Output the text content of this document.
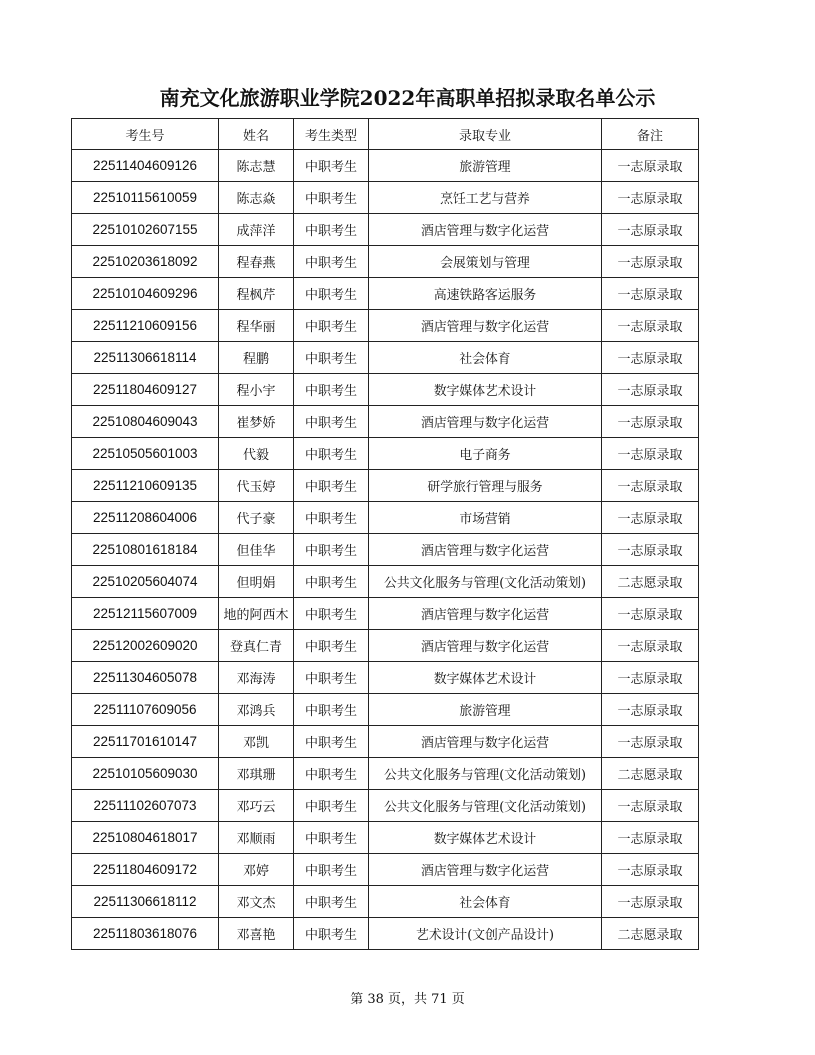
南充文化旅游职业学院2022年高职单招拟录取名单公示
考生号	姓名	考生类型	录取专业	备注
22511404609126	陈志慧	中职考生	旅游管理	一志原录取
22510115610059	陈志焱	中职考生	烹饪工艺与营养	一志原录取
22510102607155	成萍洋	中职考生	酒店管理与数字化运营	一志原录取
22510203618092	程春燕	中职考生	会展策划与管理	一志原录取
22510104609296	程枫芹	中职考生	高速铁路客运服务	一志原录取
22511210609156	程华丽	中职考生	酒店管理与数字化运营	一志原录取
22511306618114	程鹏	中职考生	社会体育	一志原录取
22511804609127	程小宇	中职考生	数字媒体艺术设计	一志原录取
22510804609043	崔梦娇	中职考生	酒店管理与数字化运营	一志原录取
22510505601003	代毅	中职考生	电子商务	一志原录取
22511210609135	代玉婷	中职考生	研学旅行管理与服务	一志原录取
22511208604006	代子豪	中职考生	市场营销	一志原录取
22510801618184	但佳华	中职考生	酒店管理与数字化运营	一志原录取
22510205604074	但明娟	中职考生	公共文化服务与管理(文化活动策划)	二志愿录取
22512115607009	地的阿西木	中职考生	酒店管理与数字化运营	一志原录取
22512002609020	登真仁青	中职考生	酒店管理与数字化运营	一志原录取
22511304605078	邓海涛	中职考生	数字媒体艺术设计	一志原录取
22511107609056	邓鸿兵	中职考生	旅游管理	一志原录取
22511701610147	邓凯	中职考生	酒店管理与数字化运营	一志原录取
22510105609030	邓琪珊	中职考生	公共文化服务与管理(文化活动策划)	二志愿录取
22511102607073	邓巧云	中职考生	公共文化服务与管理(文化活动策划)	一志原录取
22510804618017	邓顺雨	中职考生	数字媒体艺术设计	一志原录取
22511804609172	邓婷	中职考生	酒店管理与数字化运营	一志原录取
22511306618112	邓文杰	中职考生	社会体育	一志原录取
22511803618076	邓喜艳	中职考生	艺术设计(文创产品设计)	二志愿录取
第 38 页，共 71 页
